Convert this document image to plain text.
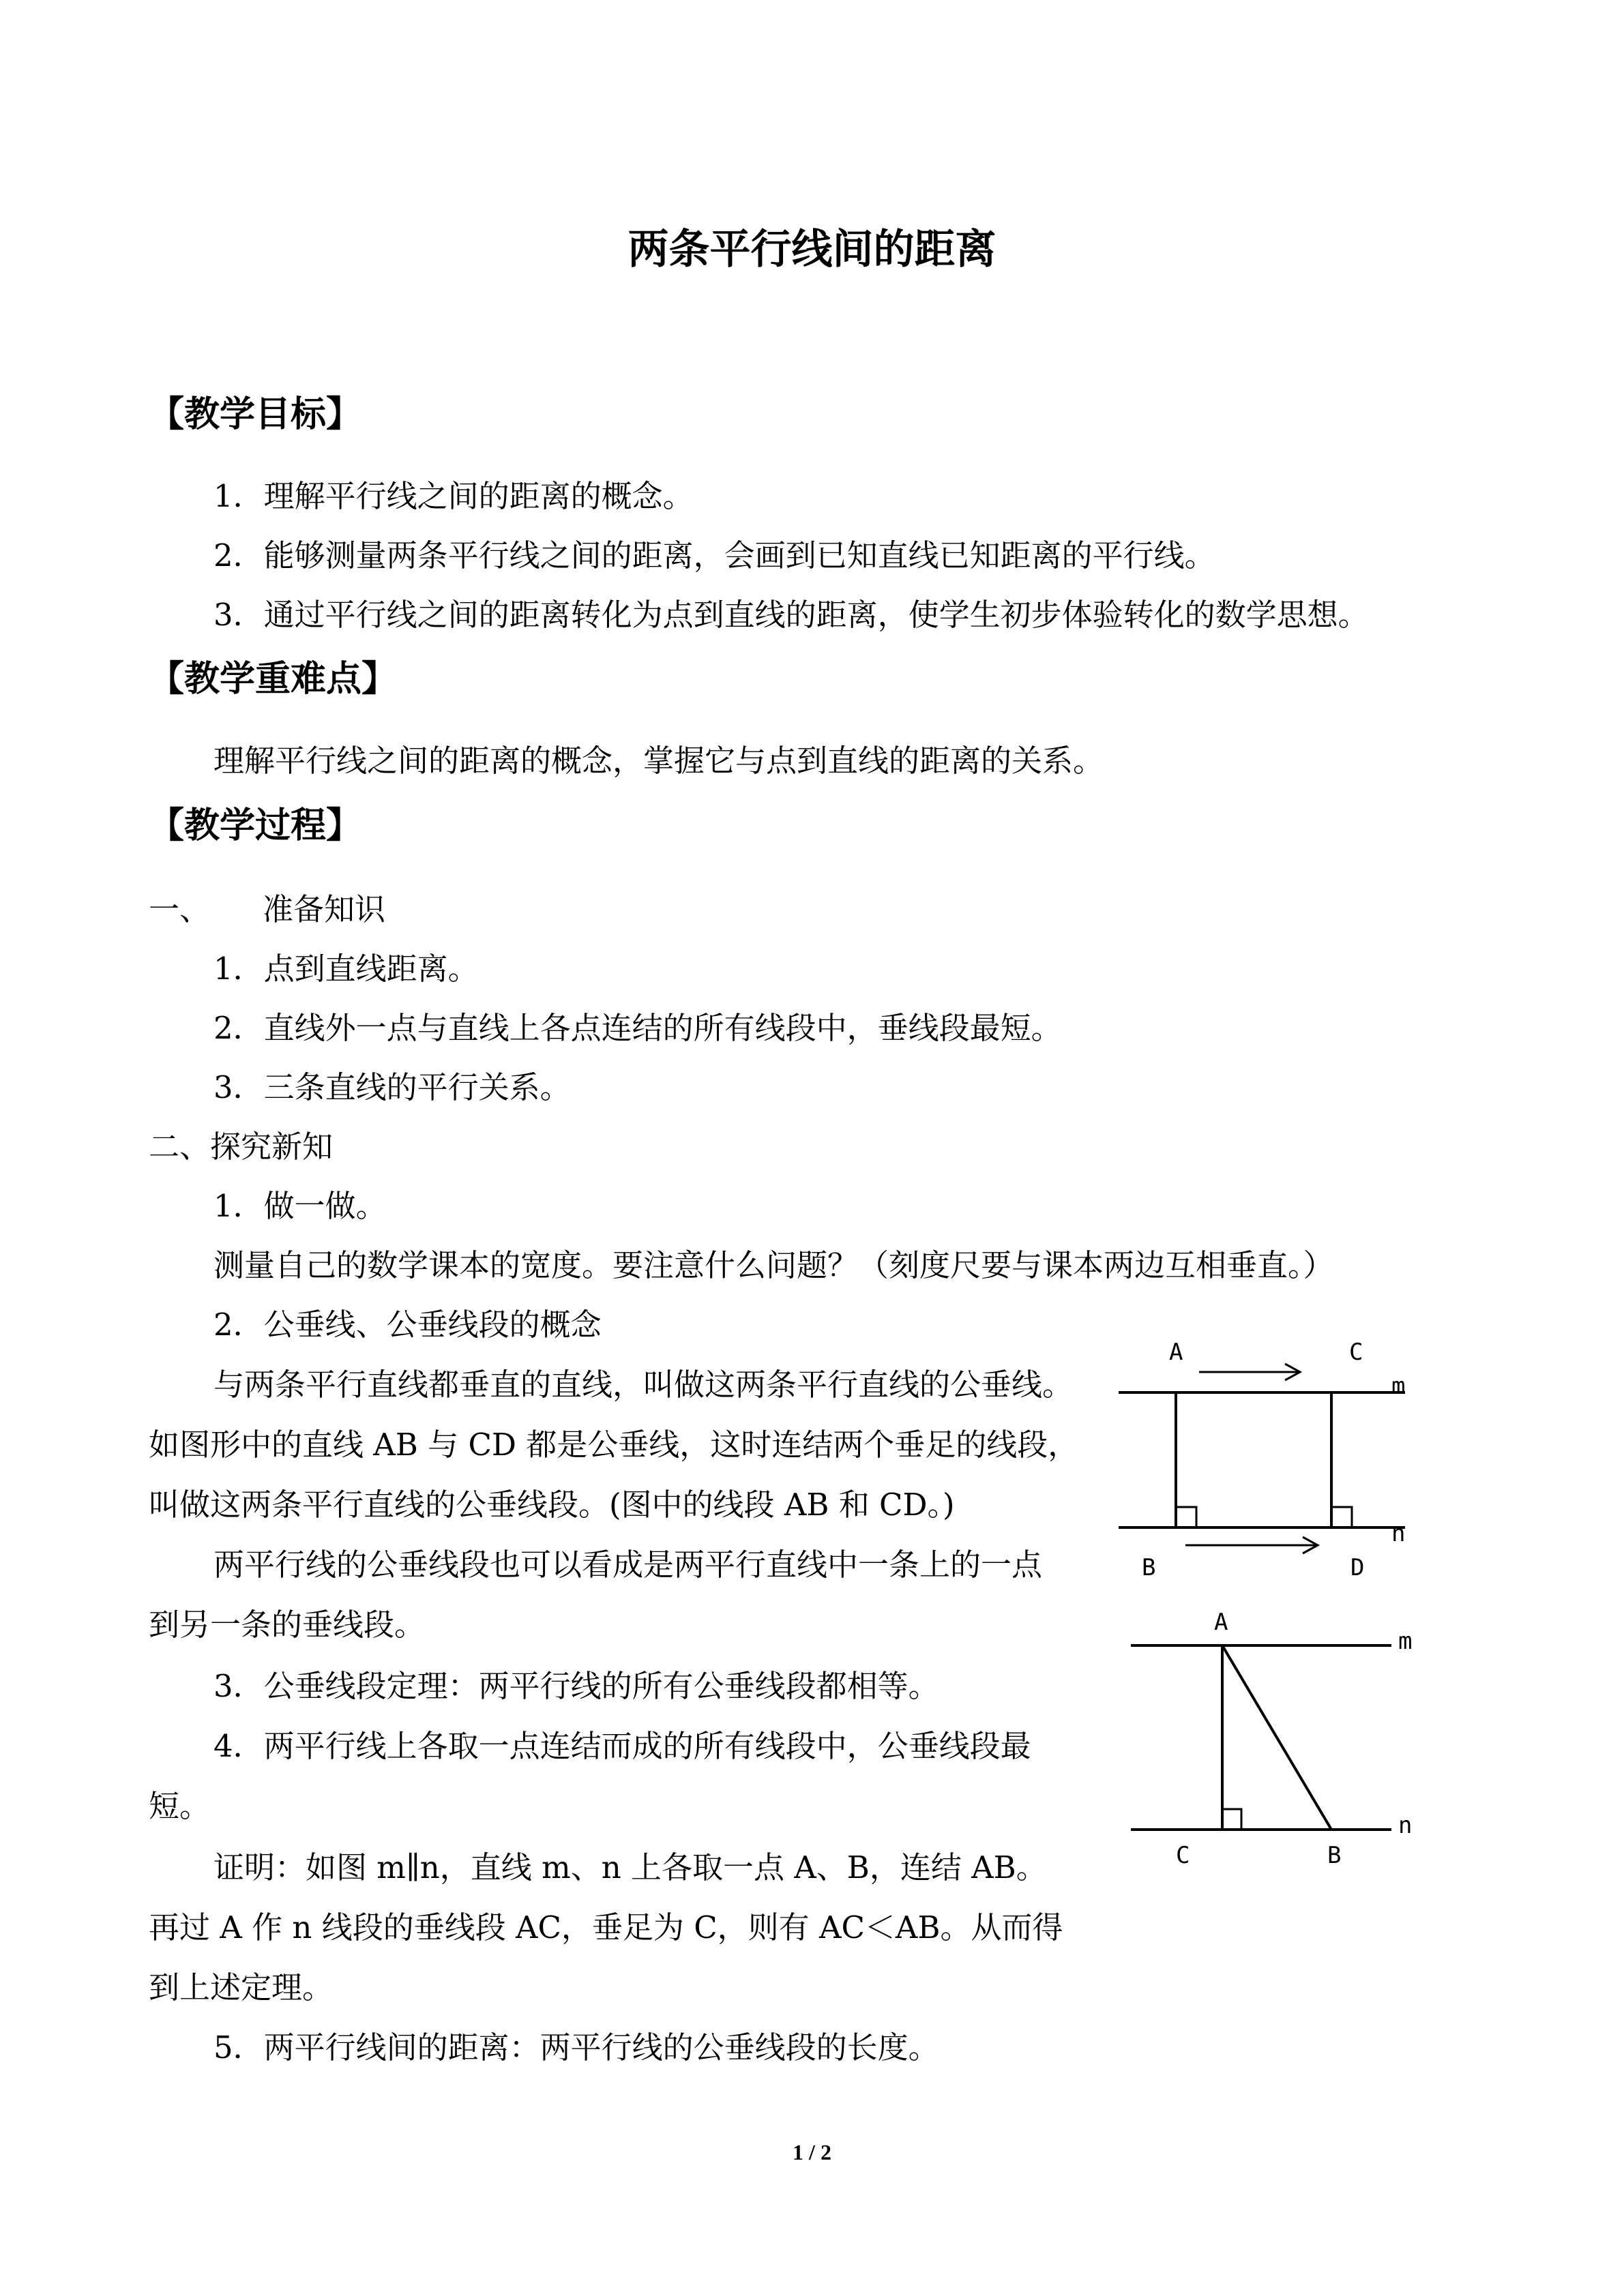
两条平行线间的距离
【教学目标】
1．理解平行线之间的距离的概念。
2．能够测量两条平行线之间的距离，会画到已知直线已知距离的平行线。
3．通过平行线之间的距离转化为点到直线的距离，使学生初步体验转化的数学思想。
【教学重难点】
理解平行线之间的距离的概念，掌握它与点到直线的距离的关系。
【教学过程】
一、 准备知识
1．点到直线距离。
2．直线外一点与直线上各点连结的所有线段中，垂线段最短。
3．三条直线的平行关系。
二、探究新知
1．做一做。
测量自己的数学课本的宽度。要注意什么问题？（刻度尺要与课本两边互相垂直。）
2．公垂线、公垂线段的概念
与两条平行直线都垂直的直线，叫做这两条平行直线的公垂线。
如图形中的直线 AB 与 CD 都是公垂线，这时连结两个垂足的线段，
叫做这两条平行直线的公垂线段。(图中的线段 AB 和 CD。)
两平行线的公垂线段也可以看成是两平行直线中一条上的一点
到另一条的垂线段。
3．公垂线段定理：两平行线的所有公垂线段都相等。
4．两平行线上各取一点连结而成的所有线段中，公垂线段最
短。
证明：如图 m∥n，直线 m、n 上各取一点 A、B，连结 AB。
再过 A 作 n 线段的垂线段 AC，垂足为 C，则有 AC＜AB。从而得
到上述定理。
5．两平行线间的距离：两平行线的公垂线段的长度。
A	C
m
n
B	D
A
m
n
C	B
1 / 2
